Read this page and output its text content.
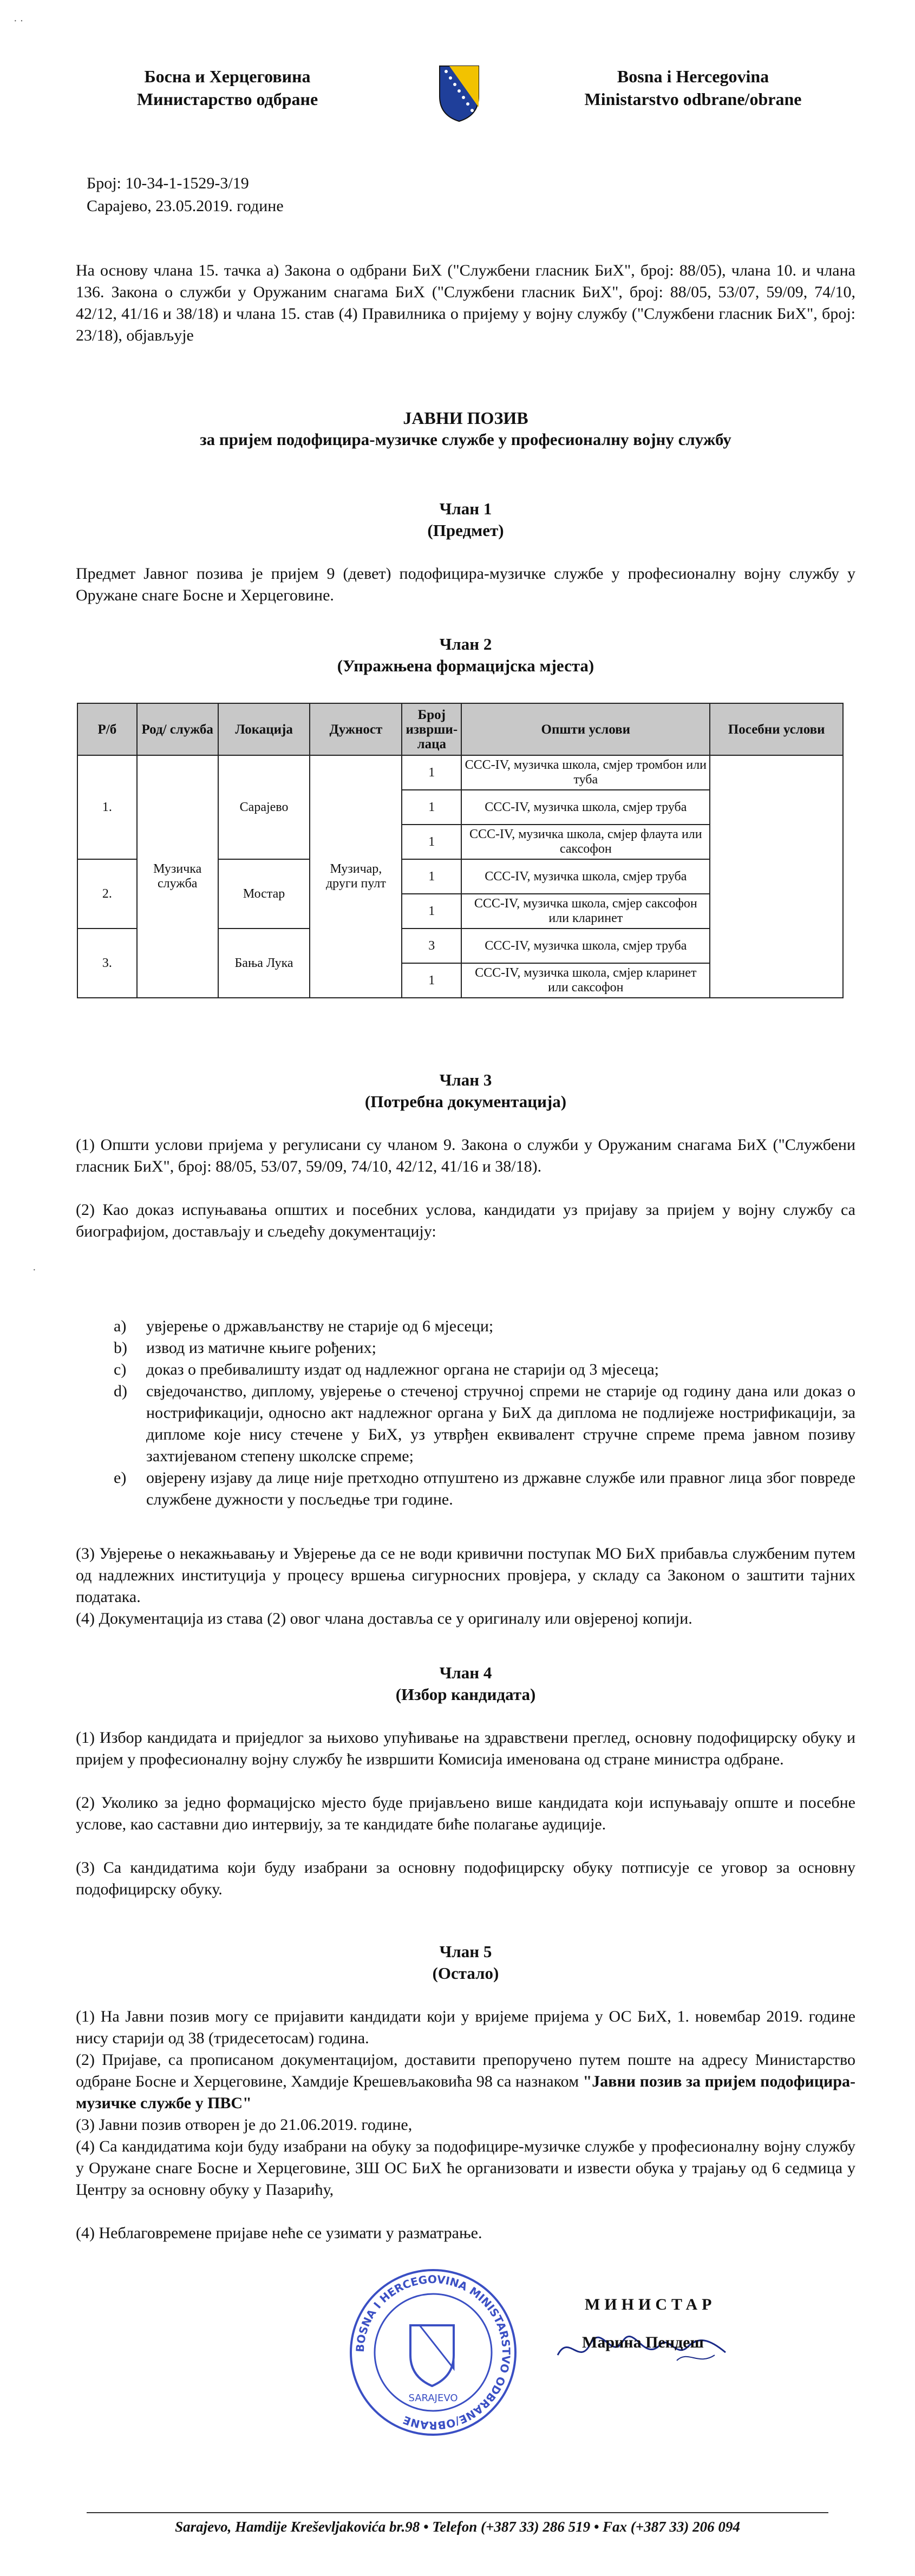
· ·
Босна и Херцеговина
Министарство одбране
Bosna i Hercegovina
Ministarstvo odbrane/obrane
Број: 10-34-1-1529-3/19
Сарајево, 23.05.2019. године
На основу члана 15. тачка а) Закона о одбрани БиХ ("Службени гласник БиХ", број: 88/05), члана 10. и члана 136. Закона о служби у Оружаним снагама БиХ ("Службени гласник БиХ", број: 88/05, 53/07, 59/09, 74/10, 42/12, 41/16 и 38/18) и члана 15. став (4) Правилника о пријему у војну службу ("Службени гласник БиХ", број: 23/18), објављује
ЈАВНИ ПОЗИВ
за пријем подофицира-музичке службе у професионалну војну службу
Члан 1
(Предмет)
Предмет Јавног позива је пријем 9 (девет) подофицира-музичке службе у професионалну војну службу у Оружане снаге Босне и Херцеговине.
Члан 2
(Упражњена формацијска мјеста)
Р/б	Род/ служба	Локација	Дужност	Број изврши-лаца	Општи услови	Посебни услови
1.	Музичка служба	Сарајево	Музичар, други пулт	1	ССС-IV, музичка школа, смјер тромбон или туба	
				1	ССС-IV, музичка школа, смјер труба	
				1	ССС-IV, музичка школа, смјер флаута или саксофон	
2.		Мостар		1	ССС-IV, музичка школа, смјер труба	
				1	ССС-IV, музичка школа, смјер саксофон или кларинет	
3.		Бања Лука		3	ССС-IV, музичка школа, смјер труба	
				1	ССС-IV, музичка школа, смјер кларинет или саксофон	
Члан 3
(Потребна документација)
(1) Општи услови пријема у регулисани су чланом 9. Закона о служби у Оружаним снагама БиХ ("Службени гласник БиХ", број: 88/05, 53/07, 59/09, 74/10, 42/12, 41/16 и 38/18).
(2) Као доказ испуњавања општих и посебних услова, кандидати уз пријаву за пријем у војну службу са биографијом, достављају и сљедећу документацију:
·
a)	увјерење о држављанству не старије од 6 мјесеци;
b)	извод из матичне књиге рођених;
c)	доказ о пребивалишту издат од надлежног органа не старији од 3 мјесеца;
d)	свједочанство, диплому, увјерење о стеченој стручној спреми не старије од годину дана или доказ о нострификацији, односно акт надлежног органа у БиХ да диплома не подлијеже нострификацији, за дипломе које нису стечене у БиХ, уз утврђен еквивалент стручне спреме према јавном позиву захтијеваном степену школске спреме;
e)	овјерену изјаву да лице није претходно отпуштено из државне службе или правног лица због повреде службене дужности у посљедње три године.
(3) Увјерење о некажњавању и Увјерење да се не води кривични поступак МО БиХ прибавља службеним путем од надлежних институција у процесу вршења сигурносних провјера, у складу са Законом о заштити тајних података.
(4) Документација из става (2) овог члана доставља се у оригиналу или овјереној копији.
Члан 4
(Избор кандидата)
(1) Избор кандидата и приједлог за њихово упућивање на здравствени преглед, основну подофицирску обуку и пријем у професионалну војну службу ће извршити Комисија именована од стране министра одбране.
(2) Уколико за једно формацијско мјесто буде пријављено више кандидата који испуњавају опште и посебне услове, као саставни дио интервију, за те кандидате биће полагање аудиције.
(3) Са кандидатима који буду изабрани за основну подофицирску обуку потписује се уговор за основну подофицирску обуку.
Члан 5
(Остало)
(1) На Јавни позив могу се пријавити кандидати који у вријеме пријема у ОС БиХ, 1. новембар 2019. године нису старији од 38 (тридесетосам) година.
(2) Пријаве, са прописаном документацијом, доставити препоручено путем поште на адресу Министарство одбране Босне и Херцеговине, Хамдије Крешевљаковића 98 са назнаком "Јавни позив за пријем подофицира-музичке службе у ПВС"
(3) Јавни позив отворен је до 21.06.2019. године,
(4) Са кандидатима који буду изабрани на обуку за подофицире-музичке службе у професионалну војну службу у Оружане снаге Босне и Херцеговине, ЗШ ОС БиХ ће организовати и извести обука у трајању од 6 седмица у Центру за основну обуку у Пазарићу,
(4) Неблаговремене пријаве неће се узимати у разматрање.
BOSNA I HERCEGOVINA MINISTARSTVO ODBRANE/OBRANE
SARAJEVO
МИНИСТАР
Марина Пендеш
Sarajevo, Hamdije Kreševljakovića br.98 • Telefon (+387 33) 286 519 • Fax (+387 33) 206 094
